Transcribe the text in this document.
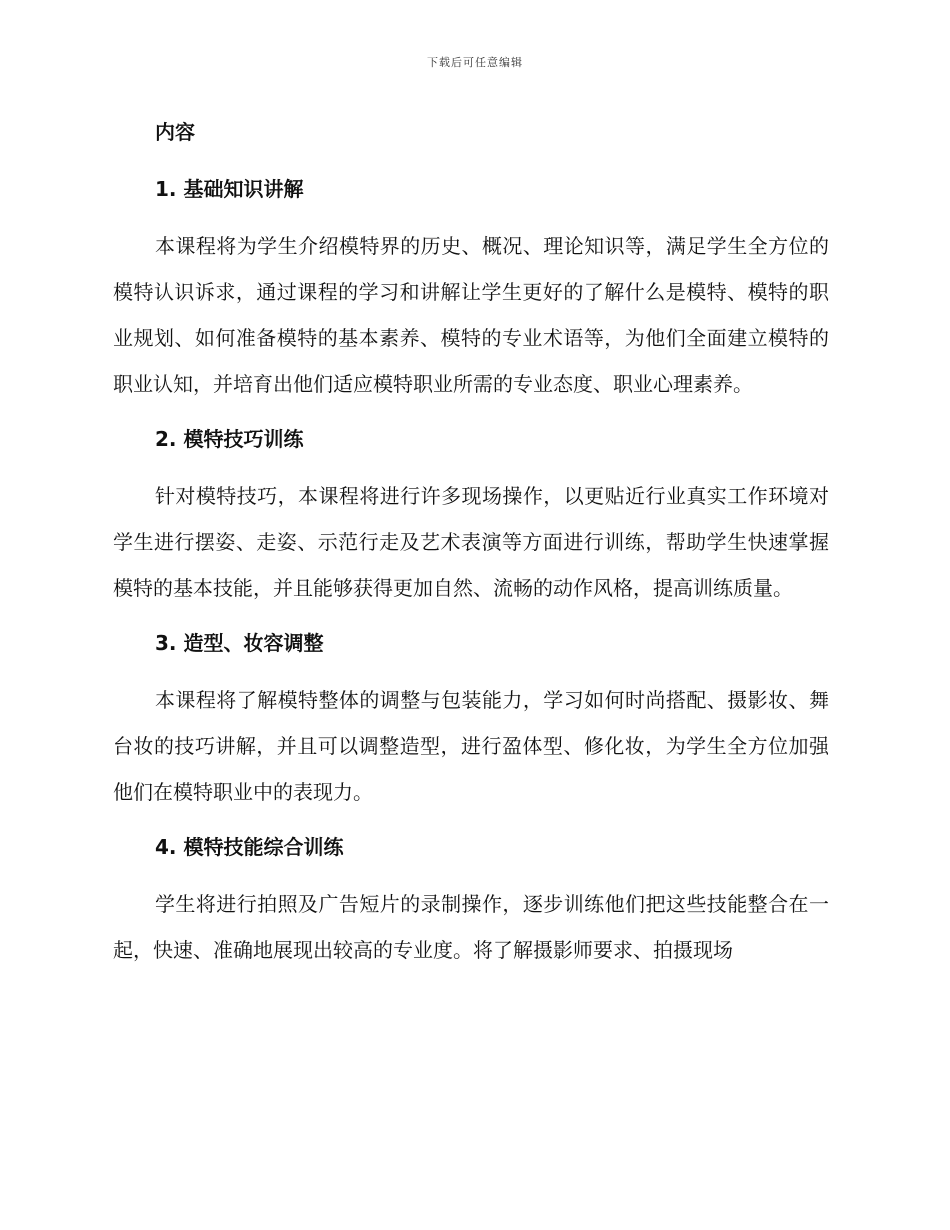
下载后可任意编辑
内容
1. 基础知识讲解

本课程将为学生介绍模特界的历史、概况、理论知识等，满足学生全方位的模特认识诉求，通过课程的学习和讲解让学生更好的了解什么是模特、模特的职业规划、如何准备模特的基本素养、模特的专业术语等，为他们全面建立模特的职业认知，并培育出他们适应模特职业所需的专业态度、职业心理素养。

2. 模特技巧训练

针对模特技巧，本课程将进行许多现场操作，以更贴近行业真实工作环境对学生进行摆姿、走姿、示范行走及艺术表演等方面进行训练，帮助学生快速掌握模特的基本技能，并且能够获得更加自然、流畅的动作风格，提高训练质量。

3. 造型、妆容调整

本课程将了解模特整体的调整与包装能力，学习如何时尚搭配、摄影妆、舞台妆的技巧讲解，并且可以调整造型，进行盈体型、修化妆，为学生全方位加强他们在模特职业中的表现力。

4. 模特技能综合训练

学生将进行拍照及广告短片的录制操作，逐步训练他们把这些技能整合在一起，快速、准确地展现出较高的专业度。将了解摄影师要求、拍摄现场
